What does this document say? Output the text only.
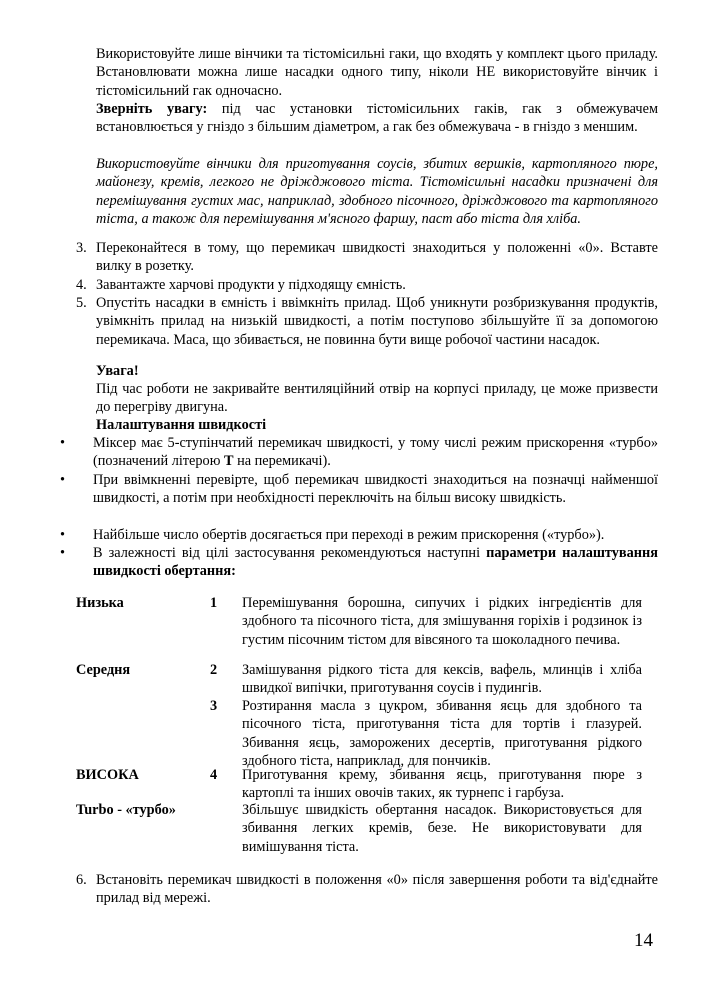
Використовуйте лише вінчики та тістомісильні гаки, що входять у комплект цього приладу. Встановлювати можна лише насадки одного типу, ніколи НЕ використовуйте вінчик і тістомісильний гак одночасно.

Зверніть увагу: під час установки тістомісильних гаків, гак з обмежувачем встановлюється у гніздо з більшим діаметром, а гак без обмежувача - в гніздо з меншим.

Використовуйте вінчики для приготування соусів, збитих вершків, картопляного пюре, майонезу, кремів, легкого не дріжджового тіста. Тістомісильні насадки призначені для перемішування густих мас, наприклад, здобного пісочного, дріжджового та картопляного тіста, а також для перемішування м'ясного фаршу, паст або тіста для хліба.

3. Переконайтеся в тому, що перемикач швидкості знаходиться у положенні «0». Вставте вилку в розетку.
4. Завантажте харчові продукти у підходящу ємність.
5. Опустіть насадки в ємність і ввімкніть прилад. Щоб уникнути розбризкування продуктів, увімкніть прилад на низькій швидкості, а потім поступово збільшуйте її за допомогою перемикача. Маса, що збивається, не повинна бути вище робочої частини насадок.

Увага!

Під час роботи не закривайте вентиляційний отвір на корпусі приладу, це може призвести до перегріву двигуна.

Налаштування швидкості

•	Міксер має 5-ступінчатий перемикач швидкості, у тому числі режим прискорення «турбо» (позначений літерою T на перемикачі).
•	При ввімкненні перевірте, щоб перемикач швидкості знаходиться на позначці найменшої швидкості, а потім при необхідності переключіть на більш високу швидкість.
•	Найбільше число обертів досягається при переході в режим прискорення («турбо»).
•	В залежності від цілі застосування рекомендуються наступні параметри налаштування швидкості обертання:
Низька	1 Перемішування борошна, сипучих і рідких інгредієнтів для здобного та пісочного тіста, для змішування горіхів і родзинок із густим пісочним тістом для вівсяного та шоколадного печива.
Середня	2 Замішування рідкого тіста для кексів, вафель, млинців і хліба швидкої випічки, приготування соусів і пудингів.
3 Розтирання масла з цукром, збивання яєць для здобного та пісочного тіста, приготування тіста для тортів і глазурей. Збивання яєць, заморожених десертів, приготування рідкого здобного тіста, наприклад, для пончиків.
ВИСОКА	4 Приготування крему, збивання яєць, приготування пюре з картоплі та інших овочів таких, як турнепс і гарбуза.
Turbo - «турбо»	Збільшує швидкість обертання насадок. Використовується для збивання легких кремів, безе. Не використовувати для вимішування тіста.
6. Встановіть перемикач швидкості в положення «0» після завершення роботи та від'єднайте прилад від мережі.
14
